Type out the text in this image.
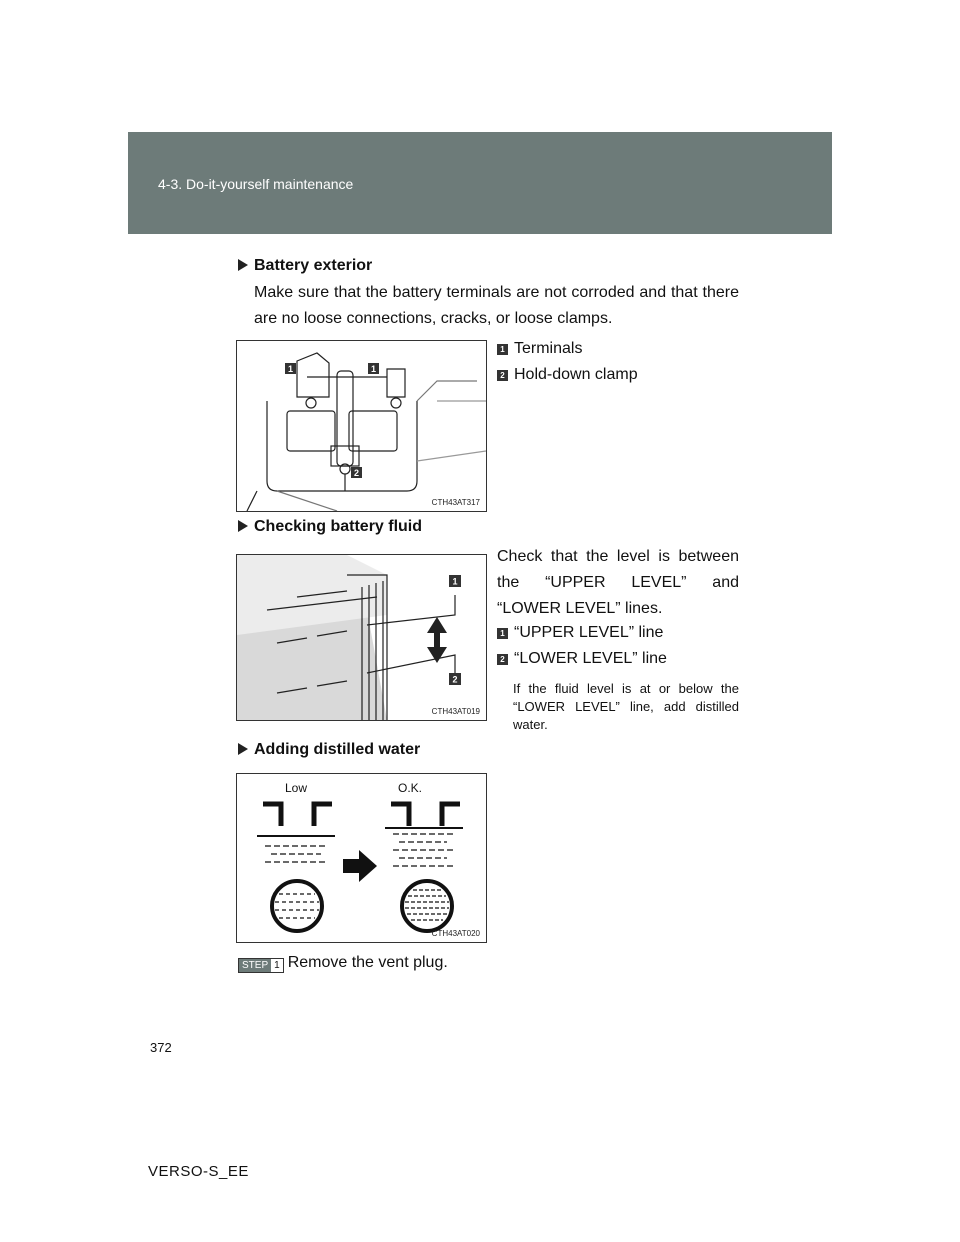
4-3. Do-it-yourself maintenance
Battery exterior
Make sure that the battery terminals are not corroded and that there are no loose connections, cracks, or loose clamps.
1	1
2
CTH43AT317
1 Terminals
2 Hold-down clamp
Checking battery fluid
1
2
CTH43AT019
Check that the level is between the “UPPER LEVEL” and “LOWER LEVEL” lines.
1 “UPPER LEVEL” line
2 “LOWER LEVEL” line
If the fluid level is at or below the “LOWER LEVEL” line, add distilled water.
Adding distilled water
Low	O.K.
CTH43AT020
STEP 1 Remove the vent plug.
372
VERSO-S_EE
